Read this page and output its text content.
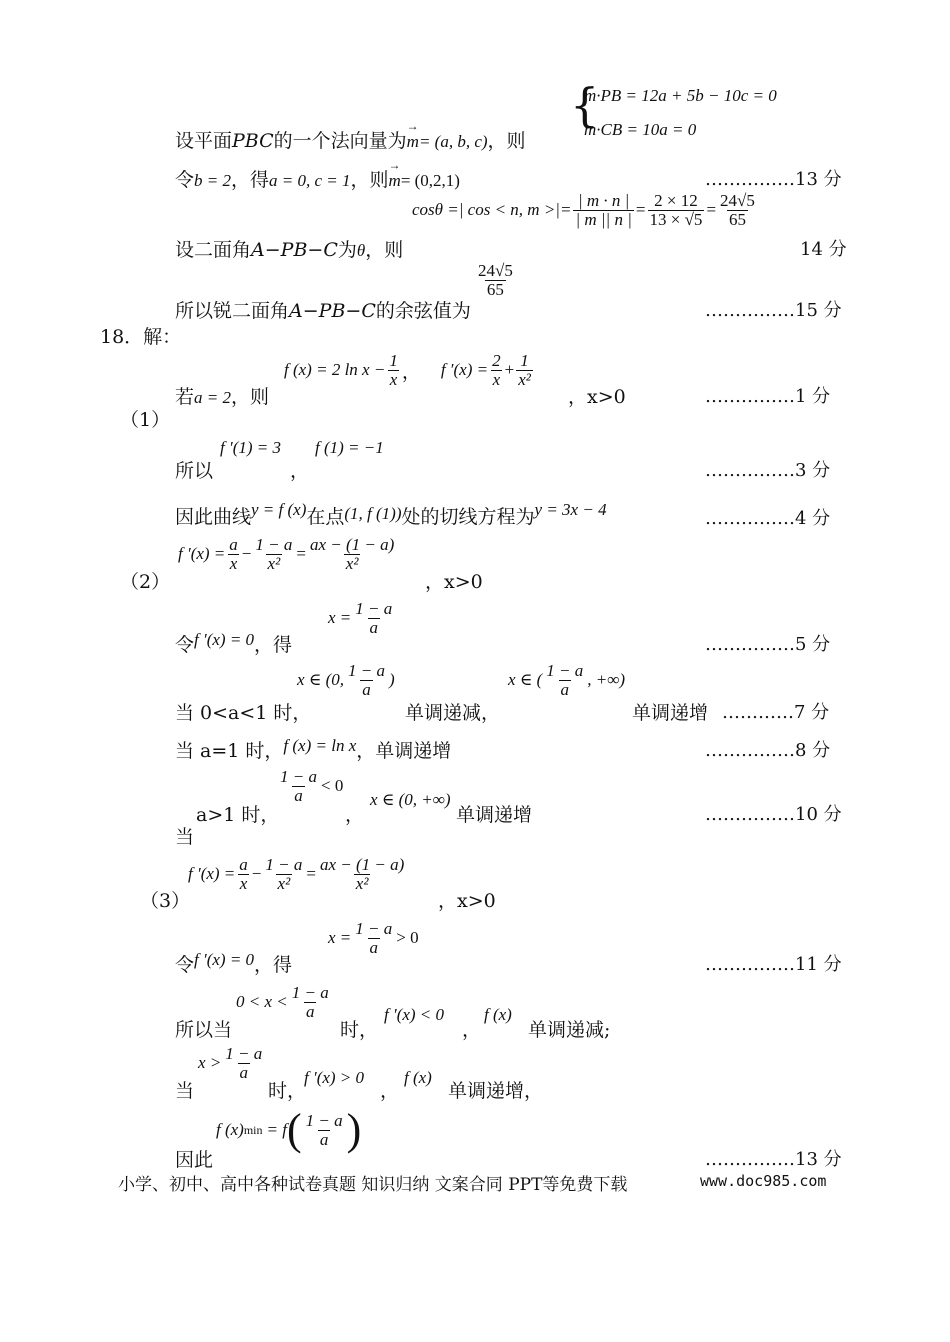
{
m·PB = 12a + 5b − 10c = 0
m·CB = 10a = 0
设平面PBC的一个法向量为→ m= (a, b, c)，则
令b = 2，得a = 0, c = 1，则→ m= (0,2,1)	……………13 分
cosθ =| cos < n, m >|= $\frac{| m \cdot n |}{| m || n |} = \frac{2 \times 12}{13 \times √5} = \frac{24√5}{65}$
设二面角A−PB−C为θ，则	14 分
$\frac{24√5}{65}$
所以锐二面角A−PB−C的余弦值为	……………15 分
18．解：
f (x) = 2 $\ln x - \frac{1}{x}$ ， f $'(x) = \frac{2}{x} + \frac{1}{\text{x²}}$
若a = 2，则	，x>0	……………1 分
（1）
f ′(1) = 3
，
f (1) = −1
所以	……………3 分
因此曲线y = f (x)在点(1, f (1))处的切线方程为y = 3x − 4	……………4 分
f $'(x) = \frac{a}{x} - \frac{1 - a}{\text{x²}} = \frac{ax - (1 - a)}{\text{x²}}$
（2）	，x>0
$x = \frac{1 - a}{a}$
令f ′(x) = 0，得	……………5 分
x ∈ (0, $\frac{1 - a}{a}$ )	x ∈ ( $\frac{1 - a}{a}$ , +∞)
当 0<a<1 时，	单调递减，	单调递增 …………7 分
当 a=1 时，f (x) = ln x，单调递增	……………8 分
$\frac{1 - a}{a} < 0$
a>1 时，	，
x ∈ (0, +∞)
单调递增	……………10 分
当
f $'(x) = \frac{a}{x} - \frac{1 - a}{\text{x²}} = \frac{ax - (1 - a)}{\text{x²}}$
（3）	，x>0
$x = \frac{1 - a}{a} > 0$
令f ′(x) = 0，得	……………11 分
$0 < x < \frac{1 - a}{a}$
所以当	时，
f ′(x) < 0
，
f (x)
单调递减;
$x > \frac{1 - a}{a}$
当	时，
f ′(x) > 0
，
f (x)
单调递增，
f (x) min = f ( $\frac{1 - a}{a}$ )
因此	……………13 分
小学、初中、高中各种试卷真题 知识归纳 文案合同 PPT等免费下载	www.doc985.com
